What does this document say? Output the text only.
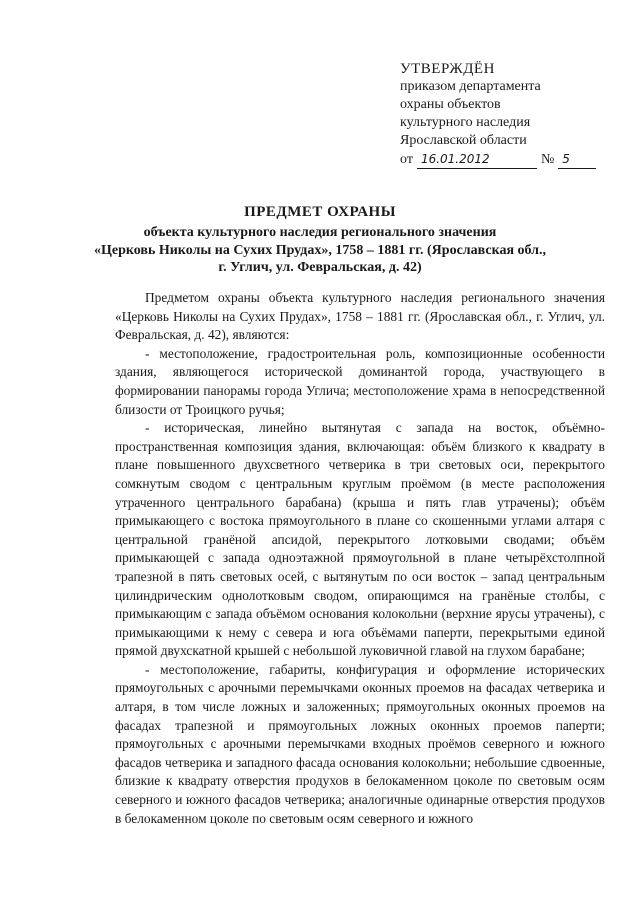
УТВЕРЖДЁН
приказом департамента
охраны объектов
культурного наследия
Ярославской области
от 16.01.2012	№ 5
ПРЕДМЕТ ОХРАНЫ
объекта культурного наследия регионального значения
«Церковь Николы на Сухих Прудах», 1758 – 1881 гг. (Ярославская обл.,
г. Углич, ул. Февральская, д. 42)

Предметом охраны объекта культурного наследия регионального значения «Церковь Николы на Сухих Прудах», 1758 – 1881 гг. (Ярославская обл., г. Углич, ул. Февральская, д. 42), являются:

- местоположение, градостроительная роль, композиционные особенности здания, являющегося исторической доминантой города, участвующего в формировании панорамы города Углича; местоположение храма в непосредственной близости от Троицкого ручья;

- историческая, линейно вытянутая с запада на восток, объёмно-пространственная композиция здания, включающая: объём близкого к квадрату в плане повышенного двухсветного четверика в три световых оси, перекрытого сомкнутым сводом с центральным круглым проёмом (в месте расположения утраченного центрального барабана) (крыша и пять глав утрачены); объём примыкающего с востока прямоугольного в плане со скошенными углами алтаря с центральной гранёной апсидой, перекрытого лотковыми сводами; объём примыкающей с запада одноэтажной прямоугольной в плане четырёхстолпной трапезной в пять световых осей, с вытянутым по оси восток – запад центральным цилиндрическим однолотковым сводом, опирающимся на гранёные столбы, с примыкающим с запада объёмом основания колокольни (верхние ярусы утрачены), с примыкающими к нему с севера и юга объёмами паперти, перекрытыми единой прямой двухскатной крышей с небольшой луковичной главой на глухом барабане;

- местоположение, габариты, конфигурация и оформление исторических прямоугольных с арочными перемычками оконных проемов на фасадах четверика и алтаря, в том числе ложных и заложенных; прямоугольных оконных проемов на фасадах трапезной и прямоугольных ложных оконных проемов паперти; прямоугольных с арочными перемычками входных проёмов северного и южного фасадов четверика и западного фасада основания колокольни; небольшие сдвоенные, близкие к квадрату отверстия продухов в белокаменном цоколе по световым осям северного и южного фасадов четверика; аналогичные одинарные отверстия продухов в белокаменном цоколе по световым осям северного и южного
